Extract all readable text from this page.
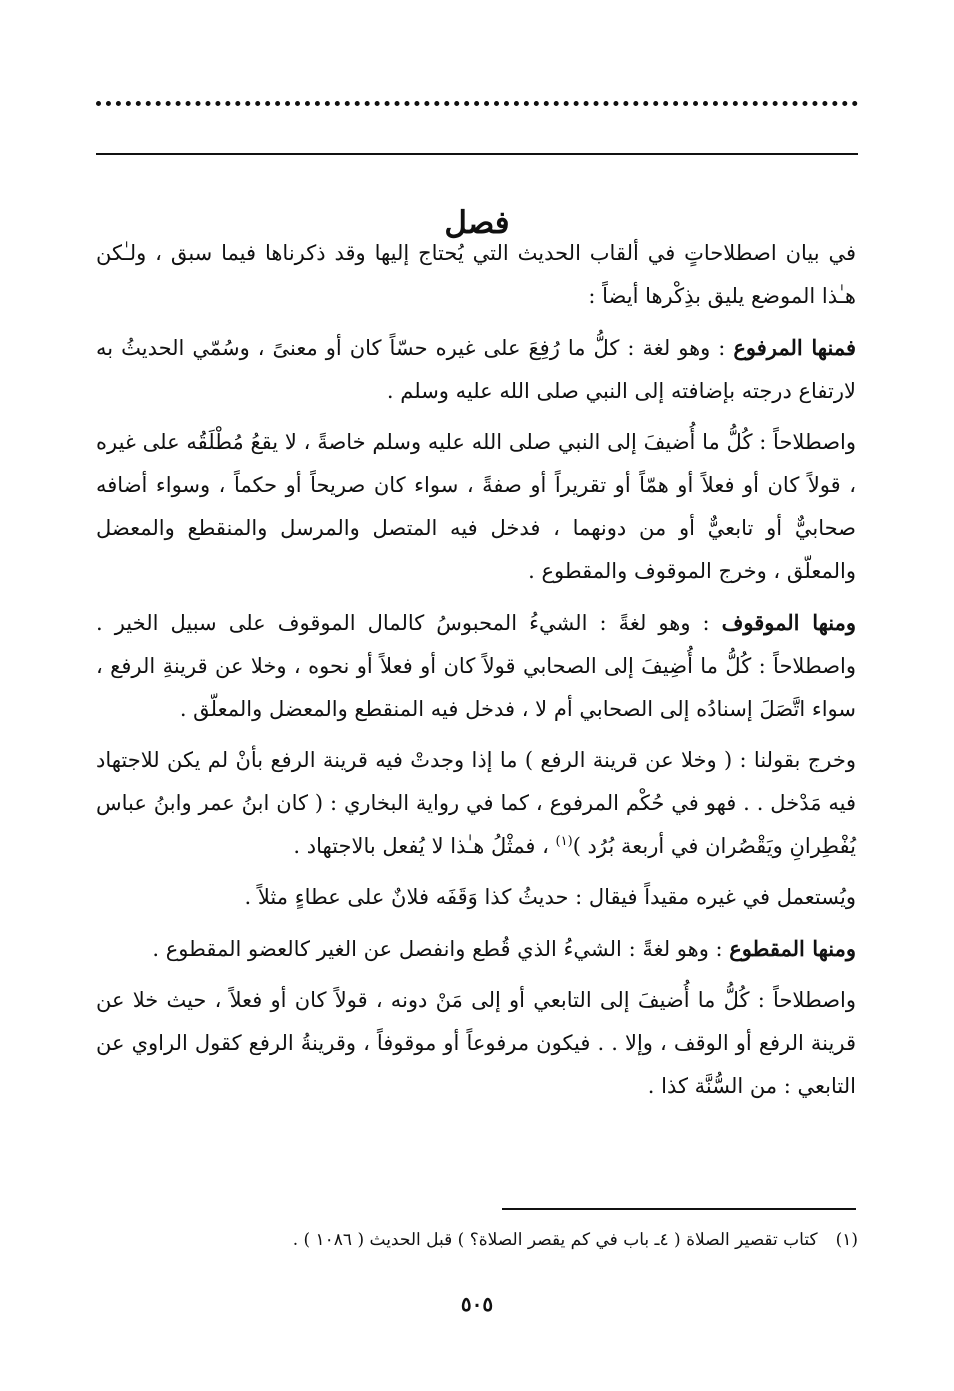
فصل

في بيان اصطلاحاتٍ في ألقاب الحديث التي يُحتاج إليها وقد ذكرناها فيما سبق ، ولـٰكن هـٰذا الموضع يليق بذِكْرها أيضاً :

فمنها المرفوع : وهو لغة : كلُّ ما رُفِعَ على غيره حسّاً كان أو معنىً ، وسُمّي الحديثُ به لارتفاع درجته بإضافته إلى النبي صلى الله عليه وسلم .

واصطلاحاً : كُلُّ ما أُضيفَ إلى النبي صلى الله عليه وسلم خاصةً ، لا يقعُ مُطْلَقُه على غيره ، قولاً كان أو فعلاً أو همّاً أو تقريراً أو صفةً ، سواء كان صريحاً أو حكماً ، وسواء أضافه صحابيٌّ أو تابعيٌّ أو من دونهما ، فدخل فيه المتصل والمرسل والمنقطع والمعضل والمعلّق ، وخرج الموقوف والمقطوع .

ومنها الموقوف : وهو لغةً : الشيءُ المحبوسُ كالمال الموقوف على سبيل الخير . واصطلاحاً : كُلُّ ما أُضِيفَ إلى الصحابي قولاً كان أو فعلاً أو نحوه ، وخلا عن قرينةِ الرفع ، سواء اتَّصَلَ إسنادُه إلى الصحابي أم لا ، فدخل فيه المنقطع والمعضل والمعلّق .

وخرج بقولنا : ( وخلا عن قرينة الرفع ) ما إذا وجدتْ فيه قرينة الرفع بأنْ لم يكن للاجتهاد فيه مَدْخل . . فهو في حُكْم المرفوع ، كما في رواية البخاري : ( كان ابنُ عمر وابنُ عباس يُفْطِرانِ ويَقْصُران في أربعة بُرُد )$^{(١)}$ ، فمثْلُ هـٰذا لا يُفعل بالاجتهاد .

ويُستعمل في غيره مقيداً فيقال : حديثُ كذا وَقَفَه فلانٌ على عطاءٍ مثلاً .

ومنها المقطوع : وهو لغةً : الشيءُ الذي قُطع وانفصل عن الغير كالعضو المقطوع .

واصطلاحاً : كُلُّ ما أُضيفَ إلى التابعي أو إلى مَنْ دونه ، قولاً كان أو فعلاً ، حيث خلا عن قرينة الرفع أو الوقف ، وإلا . . فيكون مرفوعاً أو موقوفاً ، وقرينةُ الرفع كقول الراوي عن التابعي : من السُّنَّة كذا .

(١)كتاب تقصير الصلاة ( ٤ـ باب في كم يقصر الصلاة؟ ) قبل الحديث ( ١٠٨٦ ) .
٥٠٥
